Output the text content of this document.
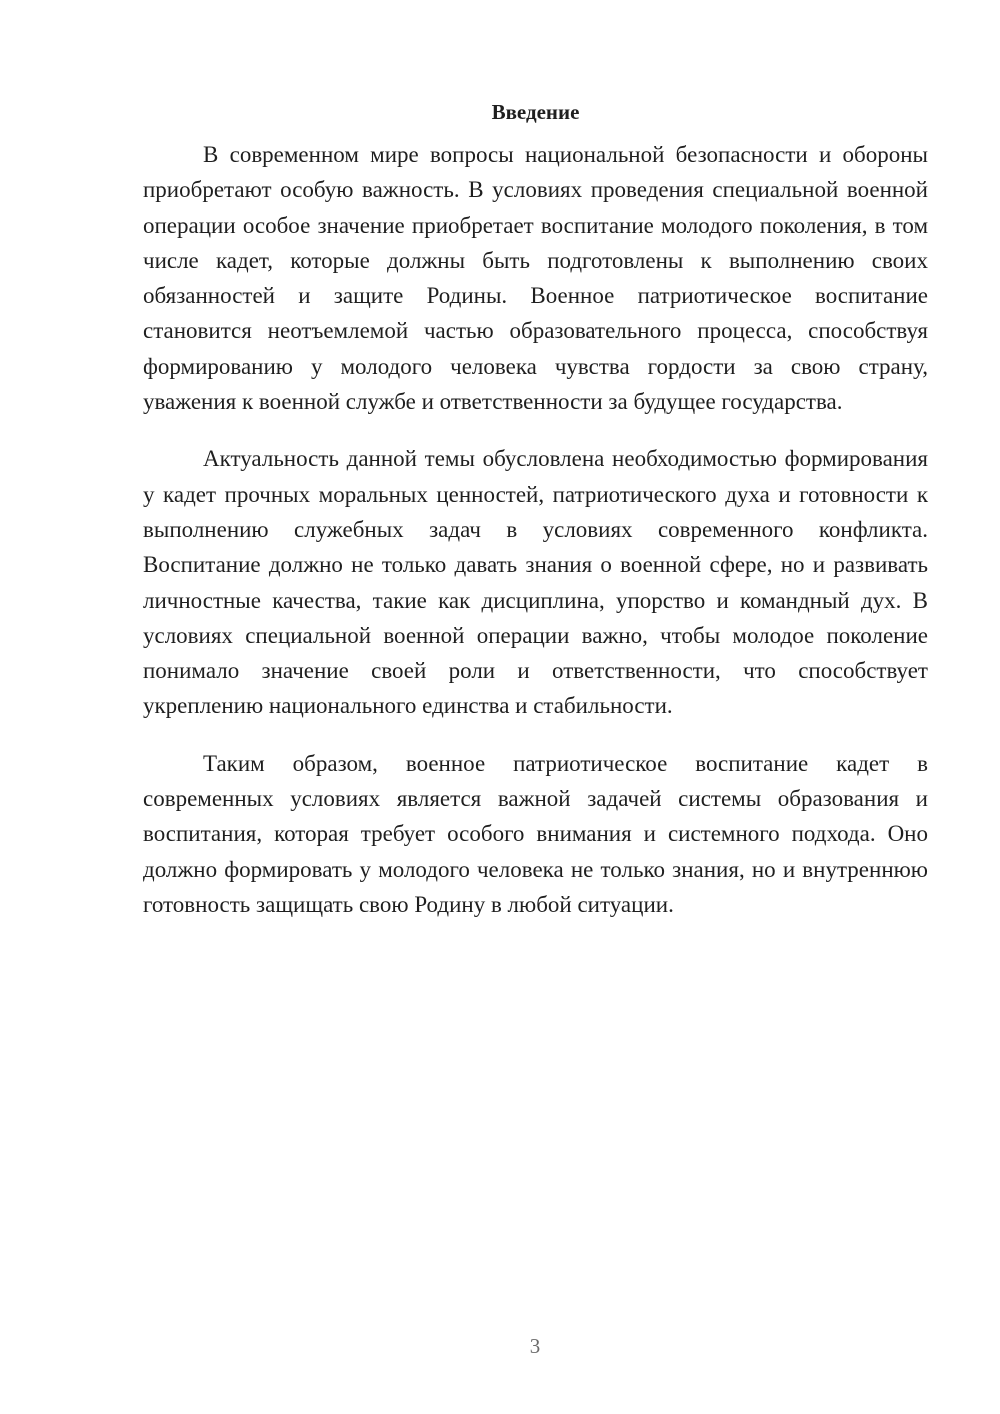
Введение

В современном мире вопросы национальной безопасности и обороны приобретают особую важность. В условиях проведения специальной военной операции особое значение приобретает воспитание молодого поколения, в том числе кадет, которые должны быть подготовлены к выполнению своих обязанностей и защите Родины. Военное патриотическое воспитание становится неотъемлемой частью образовательного процесса, способствуя формированию у молодого человека чувства гордости за свою страну, уважения к военной службе и ответственности за будущее государства.

Актуальность данной темы обусловлена необходимостью формирования у кадет прочных моральных ценностей, патриотического духа и готовности к выполнению служебных задач в условиях современного конфликта. Воспитание должно не только давать знания о военной сфере, но и развивать личностные качества, такие как дисциплина, упорство и командный дух. В условиях специальной военной операции важно, чтобы молодое поколение понимало значение своей роли и ответственности, что способствует укреплению национального единства и стабильности.

Таким образом, военное патриотическое воспитание кадет в современных условиях является важной задачей системы образования и воспитания, которая требует особого внимания и системного подхода. Оно должно формировать у молодого человека не только знания, но и внутреннюю готовность защищать свою Родину в любой ситуации.

3
